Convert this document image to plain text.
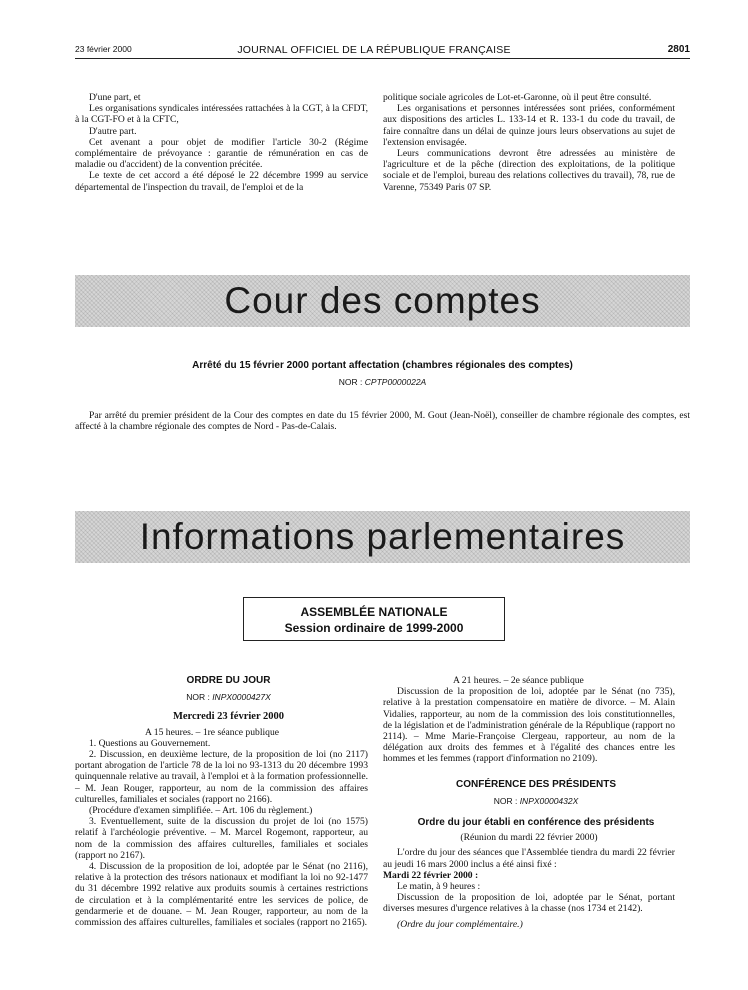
23 février 2000	JOURNAL OFFICIEL DE LA RÉPUBLIQUE FRANÇAISE	2801

D'une part, et

Les organisations syndicales intéressées rattachées à la CGT, à la CFDT, à la CGT-FO et à la CFTC,

D'autre part.

Cet avenant a pour objet de modifier l'article 30-2 (Régime complémentaire de prévoyance : garantie de rémunération en cas de maladie ou d'accident) de la convention précitée.

Le texte de cet accord a été déposé le 22 décembre 1999 au service départemental de l'inspection du travail, de l'emploi et de la

politique sociale agricoles de Lot-et-Garonne, où il peut être consulté.

Les organisations et personnes intéressées sont priées, conformément aux dispositions des articles L. 133-14 et R. 133-1 du code du travail, de faire connaître dans un délai de quinze jours leurs observations au sujet de l'extension envisagée.

Leurs communications devront être adressées au ministère de l'agriculture et de la pêche (direction des exploitations, de la politique sociale et de l'emploi, bureau des relations collectives du travail), 78, rue de Varenne, 75349 Paris 07 SP.

Cour des comptes
Arrêté du 15 février 2000 portant affectation (chambres régionales des comptes)
NOR : CPTP0000022A

Par arrêté du premier président de la Cour des comptes en date du 15 février 2000, M. Gout (Jean-Noël), conseiller de chambre régionale des comptes, est affecté à la chambre régionale des comptes de Nord - Pas-de-Calais.

Informations parlementaires
ASSEMBLÉE NATIONALE
Session ordinaire de 1999-2000

ORDRE DU JOUR

NOR : INPX0000427X

Mercredi 23 février 2000

A 15 heures. – 1re séance publique

1. Questions au Gouvernement.

2. Discussion, en deuxième lecture, de la proposition de loi (no 2117) portant abrogation de l'article 78 de la loi no 93-1313 du 20 décembre 1993 quinquennale relative au travail, à l'emploi et à la formation professionnelle. – M. Jean Rouger, rapporteur, au nom de la commission des affaires culturelles, familiales et sociales (rapport no 2166).

(Procédure d'examen simplifiée. – Art. 106 du règlement.)

3. Eventuellement, suite de la discussion du projet de loi (no 1575) relatif à l'archéologie préventive. – M. Marcel Rogemont, rapporteur, au nom de la commission des affaires culturelles, familiales et sociales (rapport no 2167).

4. Discussion de la proposition de loi, adoptée par le Sénat (no 2116), relative à la protection des trésors nationaux et modifiant la loi no 92-1477 du 31 décembre 1992 relative aux produits soumis à certaines restrictions de circulation et à la complémentarité entre les services de police, de gendarmerie et de douane. – M. Jean Rouger, rapporteur, au nom de la commission des affaires culturelles, familiales et sociales (rapport no 2165).

A 21 heures. – 2e séance publique

Discussion de la proposition de loi, adoptée par le Sénat (no 735), relative à la prestation compensatoire en matière de divorce. – M. Alain Vidalies, rapporteur, au nom de la commission des lois constitutionnelles, de la législation et de l'administration générale de la République (rapport no 2114). – Mme Marie-Françoise Clergeau, rapporteur, au nom de la délégation aux droits des femmes et à l'égalité des chances entre les hommes et les femmes (rapport d'information no 2109).

CONFÉRENCE DES PRÉSIDENTS

NOR : INPX0000432X

Ordre du jour établi en conférence des présidents

(Réunion du mardi 22 février 2000)

L'ordre du jour des séances que l'Assemblée tiendra du mardi 22 février au jeudi 16 mars 2000 inclus a été ainsi fixé :

Mardi 22 février 2000 :

Le matin, à 9 heures :

Discussion de la proposition de loi, adoptée par le Sénat, portant diverses mesures d'urgence relatives à la chasse (nos 1734 et 2142).

(Ordre du jour complémentaire.)
